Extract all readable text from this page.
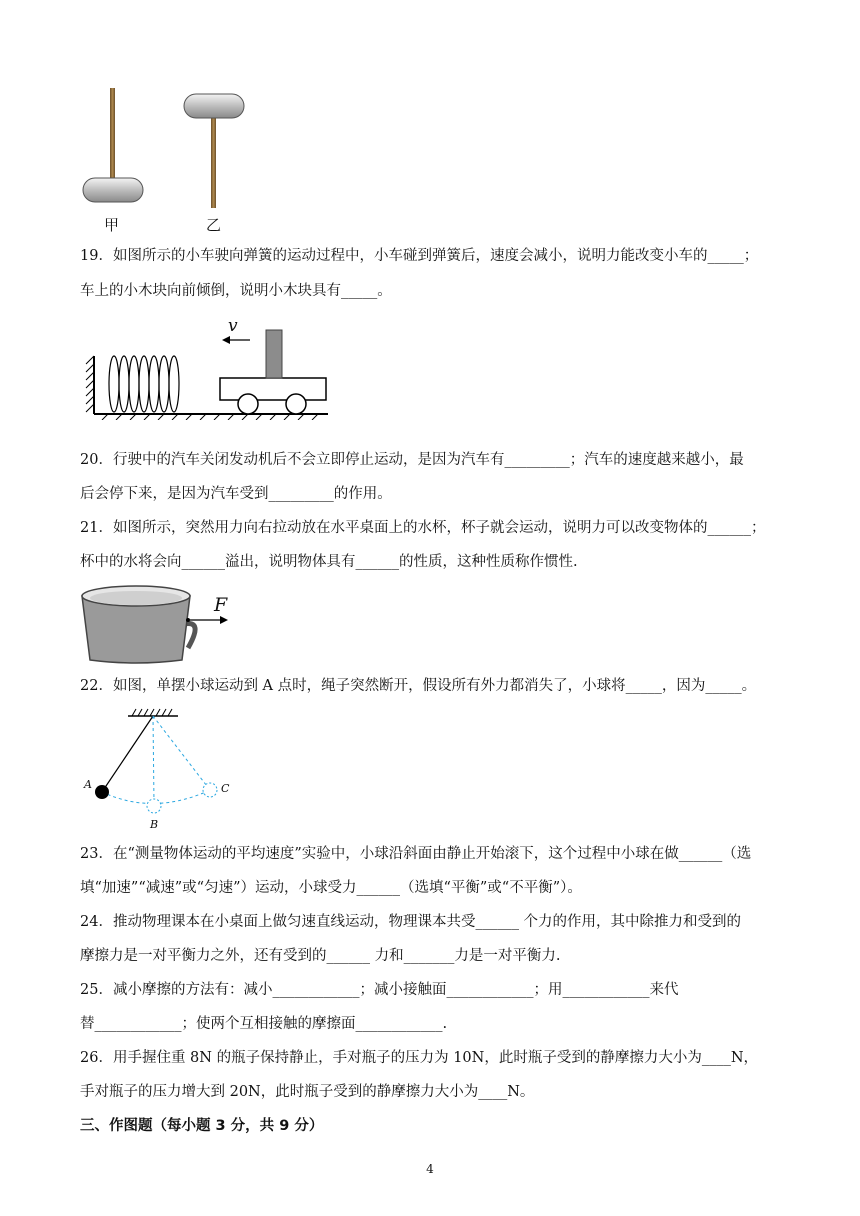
甲	乙
19．如图所示的小车驶向弹簧的运动过程中，小车碰到弹簧后，速度会减小，说明力能改变小车的_____；
车上的小木块向前倾倒，说明小木块具有_____。
v
20．行驶中的汽车关闭发动机后不会立即停止运动，是因为汽车有_________；汽车的速度越来越小，最
后会停下来，是因为汽车受到_________的作用。
21．如图所示，突然用力向右拉动放在水平桌面上的水杯，杯子就会运动，说明力可以改变物体的______；
杯中的水将会向______溢出，说明物体具有______的性质，这种性质称作惯性.
F
22．如图，单摆小球运动到 A 点时，绳子突然断开，假设所有外力都消失了，小球将_____，因为_____。
A
B
C
23．在“测量物体运动的平均速度”实验中，小球沿斜面由静止开始滚下，这个过程中小球在做______（选
填“加速”“减速”或“匀速”）运动，小球受力______（选填“平衡”或“不平衡”）。
24．推动物理课本在小桌面上做匀速直线运动，物理课本共受______ 个力的作用，其中除推力和受到的
摩擦力是一对平衡力之外，还有受到的______ 力和_______力是一对平衡力.
25．减小摩擦的方法有：减小____________；减小接触面____________；用____________来代
替____________；使两个互相接触的摩擦面____________.
26．用手握住重 8N 的瓶子保持静止，手对瓶子的压力为 10N，此时瓶子受到的静摩擦力大小为____N，
手对瓶子的压力增大到 20N，此时瓶子受到的静摩擦力大小为____N。
三、作图题（每小题 3 分，共 9 分）
4
